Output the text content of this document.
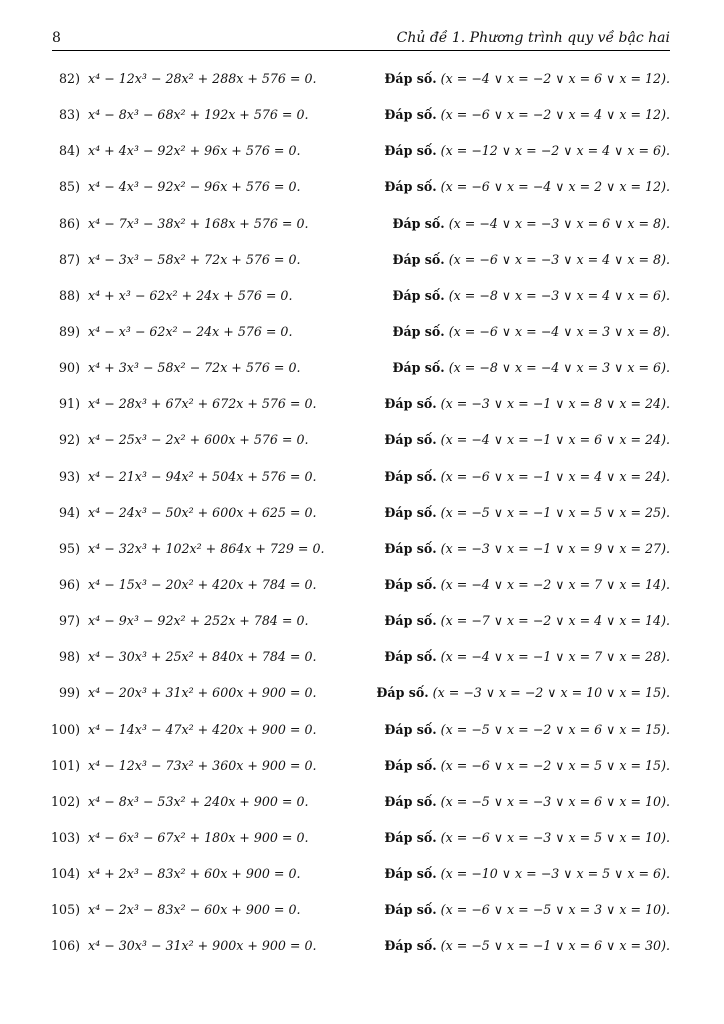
8	Chủ đề 1. Phương trình quy về bậc hai
82) x⁴ − 12x³ − 28x² + 288x + 576 = 0.	Đáp số. (x = −4 ∨ x = −2 ∨ x = 6 ∨ x = 12).
83) x⁴ − 8x³ − 68x² + 192x + 576 = 0.	Đáp số. (x = −6 ∨ x = −2 ∨ x = 4 ∨ x = 12).
84) x⁴ + 4x³ − 92x² + 96x + 576 = 0.	Đáp số. (x = −12 ∨ x = −2 ∨ x = 4 ∨ x = 6).
85) x⁴ − 4x³ − 92x² − 96x + 576 = 0.	Đáp số. (x = −6 ∨ x = −4 ∨ x = 2 ∨ x = 12).
86) x⁴ − 7x³ − 38x² + 168x + 576 = 0.	Đáp số. (x = −4 ∨ x = −3 ∨ x = 6 ∨ x = 8).
87) x⁴ − 3x³ − 58x² + 72x + 576 = 0.	Đáp số. (x = −6 ∨ x = −3 ∨ x = 4 ∨ x = 8).
88) x⁴ + x³ − 62x² + 24x + 576 = 0.	Đáp số. (x = −8 ∨ x = −3 ∨ x = 4 ∨ x = 6).
89) x⁴ − x³ − 62x² − 24x + 576 = 0.	Đáp số. (x = −6 ∨ x = −4 ∨ x = 3 ∨ x = 8).
90) x⁴ + 3x³ − 58x² − 72x + 576 = 0.	Đáp số. (x = −8 ∨ x = −4 ∨ x = 3 ∨ x = 6).
91) x⁴ − 28x³ + 67x² + 672x + 576 = 0.	Đáp số. (x = −3 ∨ x = −1 ∨ x = 8 ∨ x = 24).
92) x⁴ − 25x³ − 2x² + 600x + 576 = 0.	Đáp số. (x = −4 ∨ x = −1 ∨ x = 6 ∨ x = 24).
93) x⁴ − 21x³ − 94x² + 504x + 576 = 0.	Đáp số. (x = −6 ∨ x = −1 ∨ x = 4 ∨ x = 24).
94) x⁴ − 24x³ − 50x² + 600x + 625 = 0.	Đáp số. (x = −5 ∨ x = −1 ∨ x = 5 ∨ x = 25).
95) x⁴ − 32x³ + 102x² + 864x + 729 = 0.	Đáp số. (x = −3 ∨ x = −1 ∨ x = 9 ∨ x = 27).
96) x⁴ − 15x³ − 20x² + 420x + 784 = 0.	Đáp số. (x = −4 ∨ x = −2 ∨ x = 7 ∨ x = 14).
97) x⁴ − 9x³ − 92x² + 252x + 784 = 0.	Đáp số. (x = −7 ∨ x = −2 ∨ x = 4 ∨ x = 14).
98) x⁴ − 30x³ + 25x² + 840x + 784 = 0.	Đáp số. (x = −4 ∨ x = −1 ∨ x = 7 ∨ x = 28).
99) x⁴ − 20x³ + 31x² + 600x + 900 = 0.	Đáp số. (x = −3 ∨ x = −2 ∨ x = 10 ∨ x = 15).
100) x⁴ − 14x³ − 47x² + 420x + 900 = 0.	Đáp số. (x = −5 ∨ x = −2 ∨ x = 6 ∨ x = 15).
101) x⁴ − 12x³ − 73x² + 360x + 900 = 0.	Đáp số. (x = −6 ∨ x = −2 ∨ x = 5 ∨ x = 15).
102) x⁴ − 8x³ − 53x² + 240x + 900 = 0.	Đáp số. (x = −5 ∨ x = −3 ∨ x = 6 ∨ x = 10).
103) x⁴ − 6x³ − 67x² + 180x + 900 = 0.	Đáp số. (x = −6 ∨ x = −3 ∨ x = 5 ∨ x = 10).
104) x⁴ + 2x³ − 83x² + 60x + 900 = 0.	Đáp số. (x = −10 ∨ x = −3 ∨ x = 5 ∨ x = 6).
105) x⁴ − 2x³ − 83x² − 60x + 900 = 0.	Đáp số. (x = −6 ∨ x = −5 ∨ x = 3 ∨ x = 10).
106) x⁴ − 30x³ − 31x² + 900x + 900 = 0.	Đáp số. (x = −5 ∨ x = −1 ∨ x = 6 ∨ x = 30).
